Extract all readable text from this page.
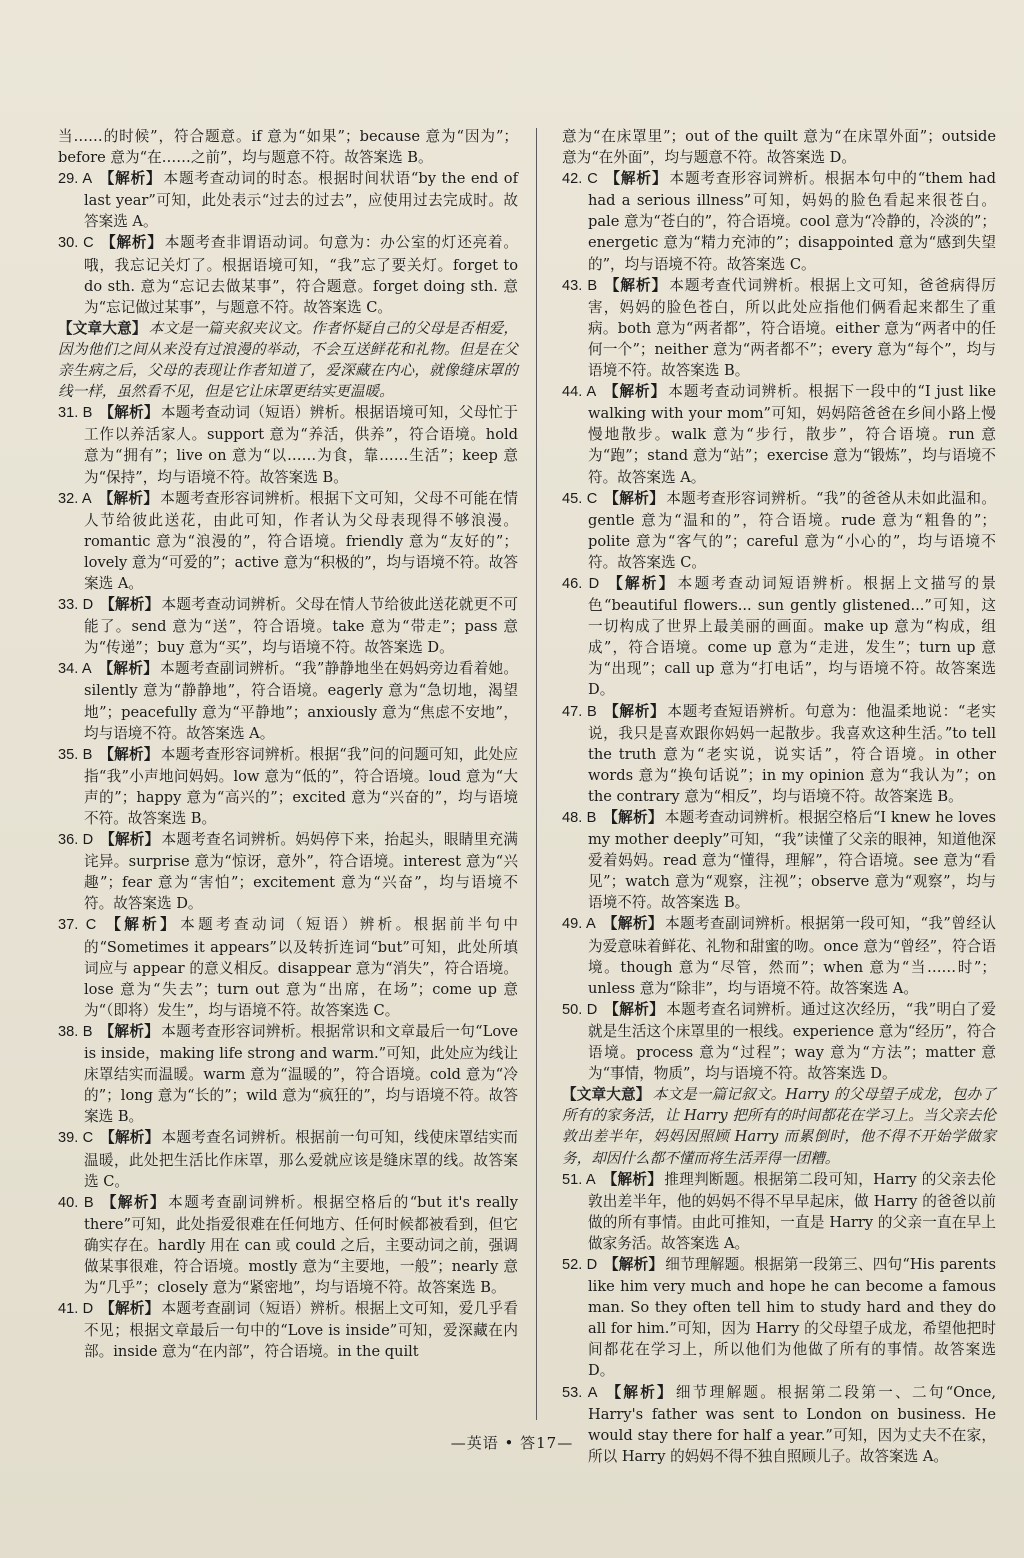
当……的时候”，符合题意。if 意为“如果”；because 意为“因为”；before 意为“在……之前”，均与题意不符。故答案选 B。

29. A 【解析】 本题考查动词的时态。根据时间状语“by the end of last year”可知，此处表示“过去的过去”，应使用过去完成时。故答案选 A。

30. C 【解析】 本题考查非谓语动词。句意为：办公室的灯还亮着。哦，我忘记关灯了。根据语境可知，“我”忘了要关灯。forget to do sth. 意为“忘记去做某事”，符合题意。forget doing sth. 意为“忘记做过某事”，与题意不符。故答案选 C。

【文章大意】 本文是一篇夹叙夹议文。作者怀疑自己的父母是否相爱，因为他们之间从来没有过浪漫的举动，不会互送鲜花和礼物。但是在父亲生病之后，父母的表现让作者知道了，爱深藏在内心，就像缝床罩的线一样，虽然看不见，但是它让床罩更结实更温暖。

31. B 【解析】 本题考查动词（短语）辨析。根据语境可知，父母忙于工作以养活家人。support 意为“养活，供养”，符合语境。hold 意为“拥有”；live on 意为“以……为食，靠……生活”；keep 意为“保持”，均与语境不符。故答案选 B。

32. A 【解析】 本题考查形容词辨析。根据下文可知，父母不可能在情人节给彼此送花，由此可知，作者认为父母表现得不够浪漫。romantic 意为“浪漫的”，符合语境。friendly 意为“友好的”；lovely 意为“可爱的”；active 意为“积极的”，均与语境不符。故答案选 A。

33. D 【解析】 本题考查动词辨析。父母在情人节给彼此送花就更不可能了。send 意为“送”，符合语境。take 意为“带走”；pass 意为“传递”；buy 意为“买”，均与语境不符。故答案选 D。

34. A 【解析】 本题考查副词辨析。“我”静静地坐在妈妈旁边看着她。silently 意为“静静地”，符合语境。eagerly 意为“急切地，渴望地”；peacefully 意为“平静地”；anxiously 意为“焦虑不安地”，均与语境不符。故答案选 A。

35. B 【解析】 本题考查形容词辨析。根据“我”问的问题可知，此处应指“我”小声地问妈妈。low 意为“低的”，符合语境。loud 意为“大声的”；happy 意为“高兴的”；excited 意为“兴奋的”，均与语境不符。故答案选 B。

36. D 【解析】 本题考查名词辨析。妈妈停下来，抬起头，眼睛里充满诧异。surprise 意为“惊讶，意外”，符合语境。interest 意为“兴趣”；fear 意为“害怕”；excitement 意为“兴奋”，均与语境不符。故答案选 D。

37. C 【解析】 本题考查动词（短语）辨析。根据前半句中的“Sometimes it appears”以及转折连词“but”可知，此处所填词应与 appear 的意义相反。disappear 意为“消失”，符合语境。lose 意为“失去”；turn out 意为“出席，在场”；come up 意为“（即将）发生”，均与语境不符。故答案选 C。

38. B 【解析】 本题考查形容词辨析。根据常识和文章最后一句“Love is inside，making life strong and warm.”可知，此处应为线让床罩结实而温暖。warm 意为“温暖的”，符合语境。cold 意为“冷的”；long 意为“长的”；wild 意为“疯狂的”，均与语境不符。故答案选 B。

39. C 【解析】 本题考查名词辨析。根据前一句可知，线使床罩结实而温暖，此处把生活比作床罩，那么爱就应该是缝床罩的线。故答案选 C。

40. B 【解析】 本题考查副词辨析。根据空格后的“but it's really there”可知，此处指爱很难在任何地方、任何时候都被看到，但它确实存在。hardly 用在 can 或 could 之后，主要动词之前，强调做某事很难，符合语境。mostly 意为“主要地，一般”；nearly 意为“几乎”；closely 意为“紧密地”，均与语境不符。故答案选 B。

41. D 【解析】 本题考查副词（短语）辨析。根据上文可知，爱几乎看不见；根据文章最后一句中的“Love is inside”可知，爱深藏在内部。inside 意为“在内部”，符合语境。in the quilt

意为“在床罩里”；out of the quilt 意为“在床罩外面”；outside 意为“在外面”，均与题意不符。故答案选 D。

42. C 【解析】 本题考查形容词辨析。根据本句中的“them had had a serious illness”可知，妈妈的脸色看起来很苍白。pale 意为“苍白的”，符合语境。cool 意为“冷静的，冷淡的”；energetic 意为“精力充沛的”；disappointed 意为“感到失望的”，均与语境不符。故答案选 C。

43. B 【解析】 本题考查代词辨析。根据上文可知，爸爸病得厉害，妈妈的脸色苍白，所以此处应指他们俩看起来都生了重病。both 意为“两者都”，符合语境。either 意为“两者中的任何一个”；neither 意为“两者都不”；every 意为“每个”，均与语境不符。故答案选 B。

44. A 【解析】 本题考查动词辨析。根据下一段中的“I just like walking with your mom”可知，妈妈陪爸爸在乡间小路上慢慢地散步。walk 意为“步行，散步”，符合语境。run 意为“跑”；stand 意为“站”；exercise 意为“锻炼”，均与语境不符。故答案选 A。

45. C 【解析】 本题考查形容词辨析。“我”的爸爸从未如此温和。gentle 意为“温和的”，符合语境。rude 意为“粗鲁的”；polite 意为“客气的”；careful 意为“小心的”，均与语境不符。故答案选 C。

46. D 【解析】 本题考查动词短语辨析。根据上文描写的景色“beautiful flowers... sun gently glistened...”可知，这一切构成了世界上最美丽的画面。make up 意为“构成，组成”，符合语境。come up 意为“走进，发生”；turn up 意为“出现”；call up 意为“打电话”，均与语境不符。故答案选 D。

47. B 【解析】 本题考查短语辨析。句意为：他温柔地说：“老实说，我只是喜欢跟你妈妈一起散步。我喜欢这种生活。”to tell the truth 意为“老实说，说实话”，符合语境。in other words 意为“换句话说”；in my opinion 意为“我认为”；on the contrary 意为“相反”，均与语境不符。故答案选 B。

48. B 【解析】 本题考查动词辨析。根据空格后“I knew he loves my mother deeply”可知，“我”读懂了父亲的眼神，知道他深爱着妈妈。read 意为“懂得，理解”，符合语境。see 意为“看见”；watch 意为“观察，注视”；observe 意为“观察”，均与语境不符。故答案选 B。

49. A 【解析】 本题考查副词辨析。根据第一段可知，“我”曾经认为爱意味着鲜花、礼物和甜蜜的吻。once 意为“曾经”，符合语境。though 意为“尽管，然而”；when 意为“当……时”；unless 意为“除非”，均与语境不符。故答案选 A。

50. D 【解析】 本题考查名词辨析。通过这次经历，“我”明白了爱就是生活这个床罩里的一根线。experience 意为“经历”，符合语境。process 意为“过程”；way 意为“方法”；matter 意为“事情，物质”，均与语境不符。故答案选 D。

【文章大意】 本文是一篇记叙文。Harry 的父母望子成龙，包办了所有的家务活，让 Harry 把所有的时间都花在学习上。当父亲去伦敦出差半年，妈妈因照顾 Harry 而累倒时，他不得不开始学做家务，却因什么都不懂而将生活弄得一团糟。

51. A 【解析】 推理判断题。根据第二段可知，Harry 的父亲去伦敦出差半年，他的妈妈不得不早早起床，做 Harry 的爸爸以前做的所有事情。由此可推知，一直是 Harry 的父亲一直在早上做家务活。故答案选 A。

52. D 【解析】 细节理解题。根据第一段第三、四句“His parents like him very much and hope he can become a famous man. So they often tell him to study hard and they do all for him.”可知，因为 Harry 的父母望子成龙，希望他把时间都花在学习上，所以他们为他做了所有的事情。故答案选 D。

53. A 【解析】 细节理解题。根据第二段第一、二句“Once, Harry's father was sent to London on business. He would stay there for half a year.”可知，因为丈夫不在家，所以 Harry 的妈妈不得不独自照顾儿子。故答案选 A。

—英语 • 答17—
